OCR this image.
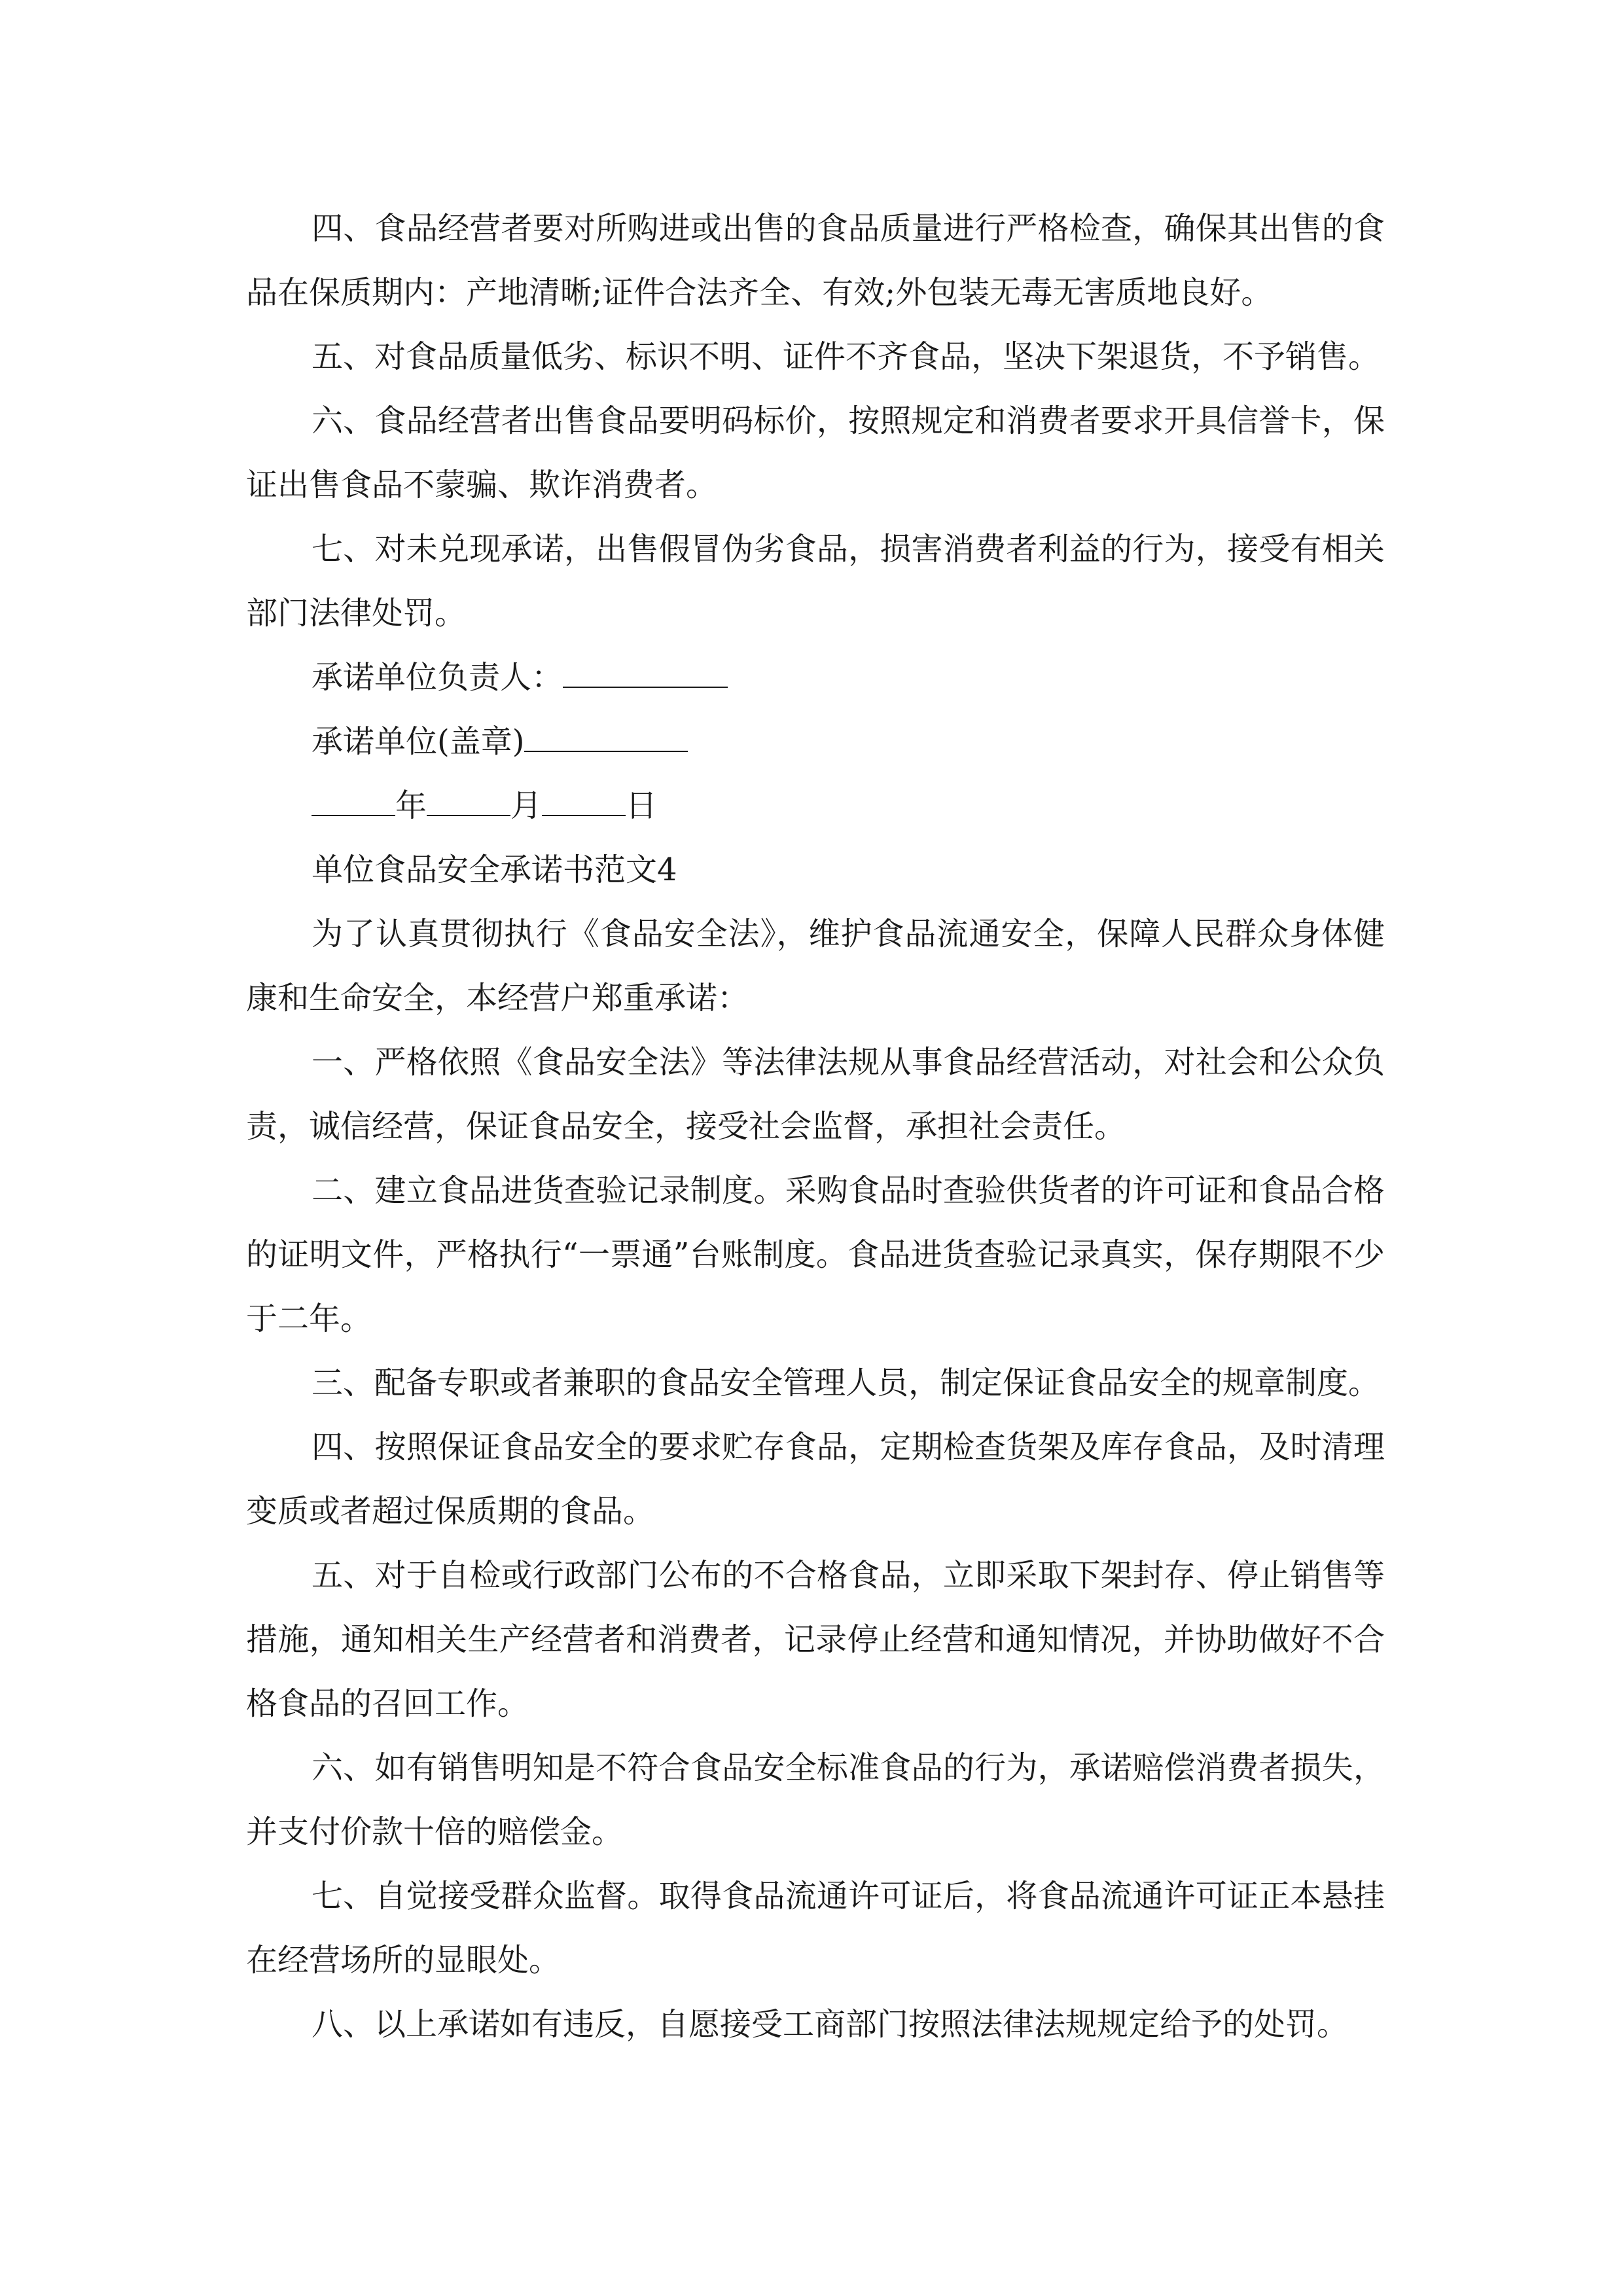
四、食品经营者要对所购进或出售的食品质量进行严格检查，确保其出售的食品在保质期内：产地清晰;证件合法齐全、有效;外包装无毒无害质地良好。

五、对食品质量低劣、标识不明、证件不齐食品，坚决下架退货，不予销售。

六、食品经营者出售食品要明码标价，按照规定和消费者要求开具信誉卡，保证出售食品不蒙骗、欺诈消费者。

七、对未兑现承诺，出售假冒伪劣食品，损害消费者利益的行为，接受有相关部门法律处罚。

承诺单位负责人：

承诺单位(盖章)

年	月	日

单位食品安全承诺书范文4

为了认真贯彻执行《食品安全法》，维护食品流通安全，保障人民群众身体健康和生命安全，本经营户郑重承诺：

一、严格依照《食品安全法》等法律法规从事食品经营活动，对社会和公众负责，诚信经营，保证食品安全，接受社会监督，承担社会责任。

二、建立食品进货查验记录制度。采购食品时查验供货者的许可证和食品合格的证明文件，严格执行“一票通”台账制度。食品进货查验记录真实，保存期限不少于二年。

三、配备专职或者兼职的食品安全管理人员，制定保证食品安全的规章制度。

四、按照保证食品安全的要求贮存食品，定期检查货架及库存食品，及时清理变质或者超过保质期的食品。

五、对于自检或行政部门公布的不合格食品，立即采取下架封存、停止销售等措施，通知相关生产经营者和消费者，记录停止经营和通知情况，并协助做好不合格食品的召回工作。

六、如有销售明知是不符合食品安全标准食品的行为，承诺赔偿消费者损失，并支付价款十倍的赔偿金。

七、自觉接受群众监督。取得食品流通许可证后，将食品流通许可证正本悬挂在经营场所的显眼处。

八、以上承诺如有违反，自愿接受工商部门按照法律法规规定给予的处罚。
